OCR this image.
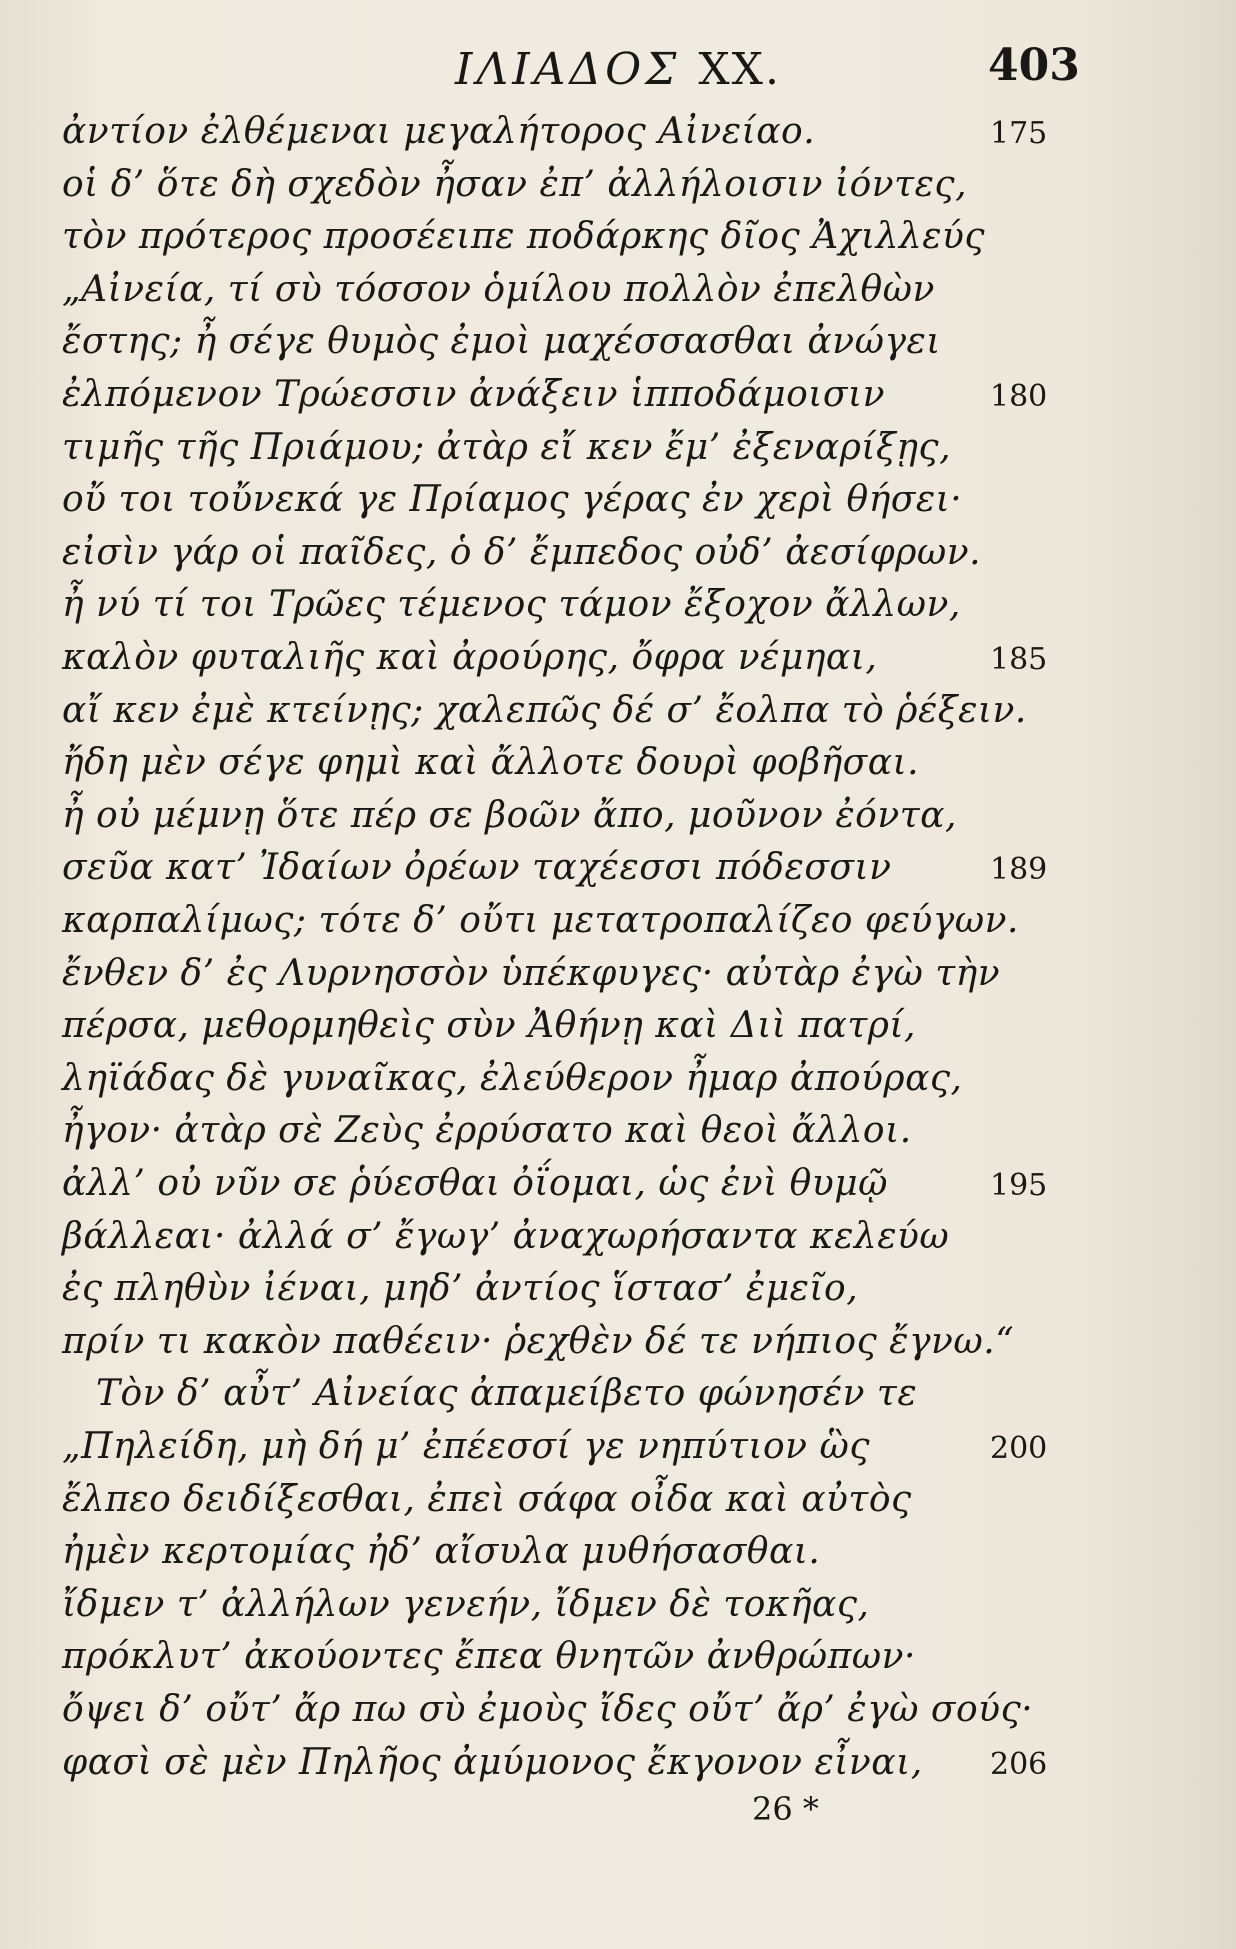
ΙΛΙΑΔΟΣ XX.	403
ἀντίον ἐλθέμεναι μεγαλήτορος Αἰνείαο.	175
οἱ δ’ ὅτε δὴ σχεδὸν ἦσαν ἐπ’ ἀλλήλοισιν ἰόντες,
τὸν πρότερος προσέειπε ποδάρκης δῖος Ἀχιλλεύς
„Αἰνεία, τί σὺ τόσσον ὁμίλου πολλὸν ἐπελθὼν
ἔστης; ἦ σέγε θυμὸς ἐμοὶ μαχέσσασθαι ἀνώγει
ἐλπόμενον Τρώεσσιν ἀνάξειν ἱπποδάμοισιν	180
τιμῆς τῆς Πριάμου; ἀτὰρ εἴ κεν ἔμ’ ἐξεναρίξῃς,
οὔ τοι τοὔνεκά γε Πρίαμος γέρας ἐν χερὶ θήσει·
εἰσὶν γάρ οἱ παῖδες, ὁ δ’ ἔμπεδος οὐδ’ ἀεσίφρων.
ἦ νύ τί τοι Τρῶες τέμενος τάμον ἔξοχον ἄλλων,
καλὸν φυταλιῆς καὶ ἀρούρης, ὄφρα νέμηαι,	185
αἴ κεν ἐμὲ κτείνῃς; χαλεπῶς δέ σ’ ἔολπα τὸ ῥέξειν.
ἤδη μὲν σέγε φημὶ καὶ ἄλλοτε δουρὶ φοβῆσαι.
ἦ οὐ μέμνῃ ὅτε πέρ σε βοῶν ἄπο, μοῦνον ἐόντα,
σεῦα κατ’ Ἰδαίων ὀρέων ταχέεσσι πόδεσσιν	189
καρπαλίμως; τότε δ’ οὔτι μετατροπαλίζεο φεύγων.
ἔνθεν δ’ ἐς Λυρνησσὸν ὑπέκφυγες· αὐτὰρ ἐγὼ τὴν
πέρσα, μεθορμηθεὶς σὺν Ἀθήνῃ καὶ Διὶ πατρί,
ληϊάδας δὲ γυναῖκας, ἐλεύθερον ἦμαρ ἀπούρας,
ἦγον· ἀτὰρ σὲ Ζεὺς ἐρρύσατο καὶ θεοὶ ἄλλοι.
ἀλλ’ οὐ νῦν σε ῥύεσθαι ὀΐομαι, ὡς ἐνὶ θυμῷ	195
βάλλεαι· ἀλλά σ’ ἔγωγ’ ἀναχωρήσαντα κελεύω
ἐς πληθὺν ἰέναι, μηδ’ ἀντίος ἵστασ’ ἐμεῖο,
πρίν τι κακὸν παθέειν· ῥεχθὲν δέ τε νήπιος ἔγνω.“
Τὸν δ’ αὖτ’ Αἰνείας ἀπαμείβετο φώνησέν τε
„Πηλείδη, μὴ δή μ’ ἐπέεσσί γε νηπύτιον ὣς	200
ἔλπεο δειδίξεσθαι, ἐπεὶ σάφα οἶδα καὶ αὐτὸς
ἠμὲν κερτομίας ἠδ’ αἴσυλα μυθήσασθαι.
ἴδμεν τ’ ἀλλήλων γενεήν, ἴδμεν δὲ τοκῆας,
πρόκλυτ’ ἀκούοντες ἔπεα θνητῶν ἀνθρώπων·
ὄψει δ’ οὔτ’ ἄρ πω σὺ ἐμοὺς ἴδες οὔτ’ ἄρ’ ἐγὼ σούς·
φασὶ σὲ μὲν Πηλῆος ἀμύμονος ἔκγονον εἶναι, 206
26 *
